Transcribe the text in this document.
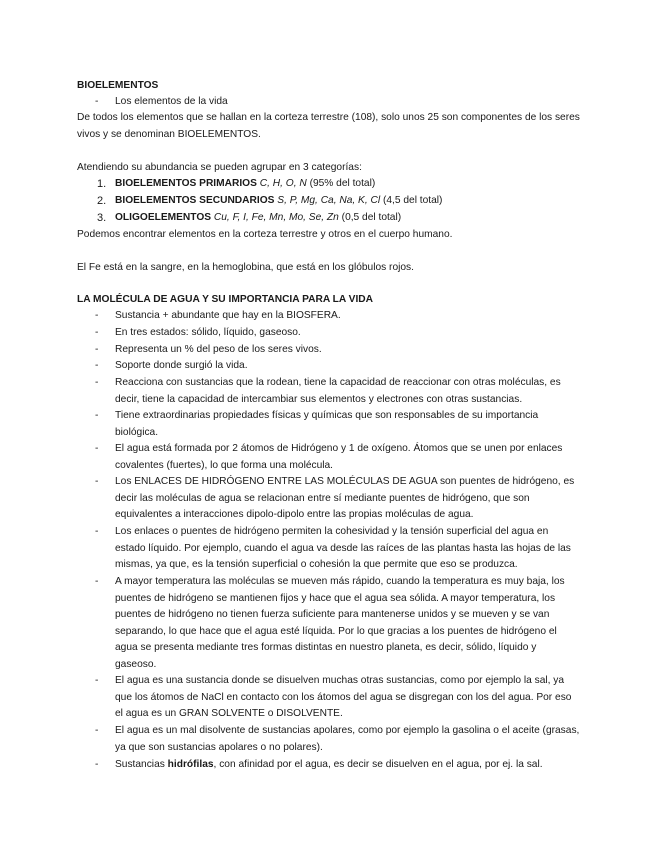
BIOELEMENTOS
- Los elementos de la vida

De todos los elementos que se hallan en la corteza terrestre (108), solo unos 25 son componentes de los seres vivos y se denominan BIOELEMENTOS.

Atendiendo su abundancia se pueden agrupar en 3 categorías:

1. BIOELEMENTOS PRIMARIOS C, H, O, N (95% del total)
2. BIOELEMENTOS SECUNDARIOS S, P, Mg, Ca, Na, K, Cl (4,5 del total)
3. OLIGOELEMENTOS Cu, F, I, Fe, Mn, Mo, Se, Zn (0,5 del total)

Podemos encontrar elementos en la corteza terrestre y otros en el cuerpo humano.

El Fe está en la sangre, en la hemoglobina, que está en los glóbulos rojos.

LA MOLÉCULA DE AGUA Y SU IMPORTANCIA PARA LA VIDA
- Sustancia + abundante que hay en la BIOSFERA.
- En tres estados: sólido, líquido, gaseoso.
- Representa un % del peso de los seres vivos.
- Soporte donde surgió la vida.
- Reacciona con sustancias que la rodean, tiene la capacidad de reaccionar con otras moléculas, es decir, tiene la capacidad de intercambiar sus elementos y electrones con otras sustancias.
- Tiene extraordinarias propiedades físicas y químicas que son responsables de su importancia biológica.
- El agua está formada por 2 átomos de Hidrógeno y 1 de oxígeno. Átomos que se unen por enlaces covalentes (fuertes), lo que forma una molécula.
- Los ENLACES DE HIDRÓGENO ENTRE LAS MOLÉCULAS DE AGUA son puentes de hidrógeno, es decir las moléculas de agua se relacionan entre sí mediante puentes de hidrógeno, que son equivalentes a interacciones dipolo-dipolo entre las propias moléculas de agua.
- Los enlaces o puentes de hidrógeno permiten la cohesividad y la tensión superficial del agua en estado líquido. Por ejemplo, cuando el agua va desde las raíces de las plantas hasta las hojas de las mismas, ya que, es la tensión superficial o cohesión la que permite que eso se produzca.
- A mayor temperatura las moléculas se mueven más rápido, cuando la temperatura es muy baja, los puentes de hidrógeno se mantienen fijos y hace que el agua sea sólida. A mayor temperatura, los puentes de hidrógeno no tienen fuerza suficiente para mantenerse unidos y se mueven y se van separando, lo que hace que el agua esté líquida. Por lo que gracias a los puentes de hidrógeno el agua se presenta mediante tres formas distintas en nuestro planeta, es decir, sólido, líquido y gaseoso.
- El agua es una sustancia donde se disuelven muchas otras sustancias, como por ejemplo la sal, ya que los átomos de NaCl en contacto con los átomos del agua se disgregan con los del agua. Por eso el agua es un GRAN SOLVENTE o DISOLVENTE.
- El agua es un mal disolvente de sustancias apolares, como por ejemplo la gasolina o el aceite (grasas, ya que son sustancias apolares o no polares).
- Sustancias hidrófilas, con afinidad por el agua, es decir se disuelven en el agua, por ej. la sal.
